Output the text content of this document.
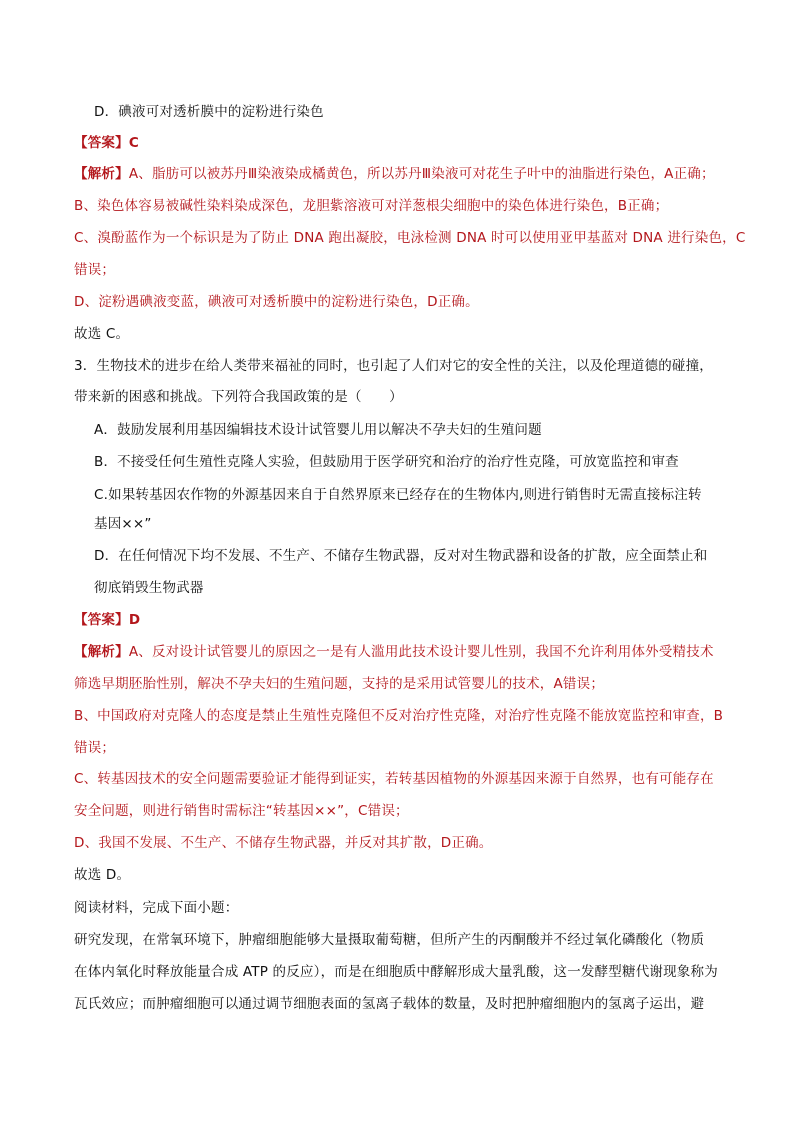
D．碘液可对透析膜中的淀粉进行染色
【答案】C
【解析】A、脂肪可以被苏丹Ⅲ染液染成橘黄色，所以苏丹Ⅲ染液可对花生子叶中的油脂进行染色，A正确；
B、染色体容易被碱性染料染成深色，龙胆紫溶液可对洋葱根尖细胞中的染色体进行染色，B正确；
C、溴酚蓝作为一个标识是为了防止 DNA 跑出凝胶，电泳检测 DNA 时可以使用亚甲基蓝对 DNA 进行染色，C
错误；
D、淀粉遇碘液变蓝，碘液可对透析膜中的淀粉进行染色，D正确。
故选 C。
3．生物技术的进步在给人类带来福祉的同时，也引起了人们对它的安全性的关注，以及伦理道德的碰撞，
带来新的困惑和挑战。下列符合我国政策的是（　　）
A．鼓励发展利用基因编辑技术设计试管婴儿用以解决不孕夫妇的生殖问题
B．不接受任何生殖性克隆人实验，但鼓励用于医学研究和治疗的治疗性克隆，可放宽监控和审查
C.如果转基因农作物的外源基因来自于自然界原来已经存在的生物体内,则进行销售时无需直接标注转
基因××”
D．在任何情况下均不发展、不生产、不储存生物武器，反对对生物武器和设备的扩散，应全面禁止和
彻底销毁生物武器
【答案】D
【解析】A、反对设计试管婴儿的原因之一是有人滥用此技术设计婴儿性别，我国不允许利用体外受精技术
筛选早期胚胎性别，解决不孕夫妇的生殖问题，支持的是采用试管婴儿的技术，A错误；
B、中国政府对克隆人的态度是禁止生殖性克隆但不反对治疗性克隆，对治疗性克隆不能放宽监控和审查，B
错误；
C、转基因技术的安全问题需要验证才能得到证实，若转基因植物的外源基因来源于自然界，也有可能存在
安全问题，则进行销售时需标注“转基因××”，C错误；
D、我国不发展、不生产、不储存生物武器，并反对其扩散，D正确。
故选 D。
阅读材料，完成下面小题：
研究发现，在常氧环境下，肿瘤细胞能够大量摄取葡萄糖，但所产生的丙酮酸并不经过氧化磷酸化（物质
在体内氧化时释放能量合成 ATP 的反应），而是在细胞质中酵解形成大量乳酸，这一发酵型糖代谢现象称为
瓦氏效应；而肿瘤细胞可以通过调节细胞表面的氢离子载体的数量，及时把肿瘤细胞内的氢离子运出，避
